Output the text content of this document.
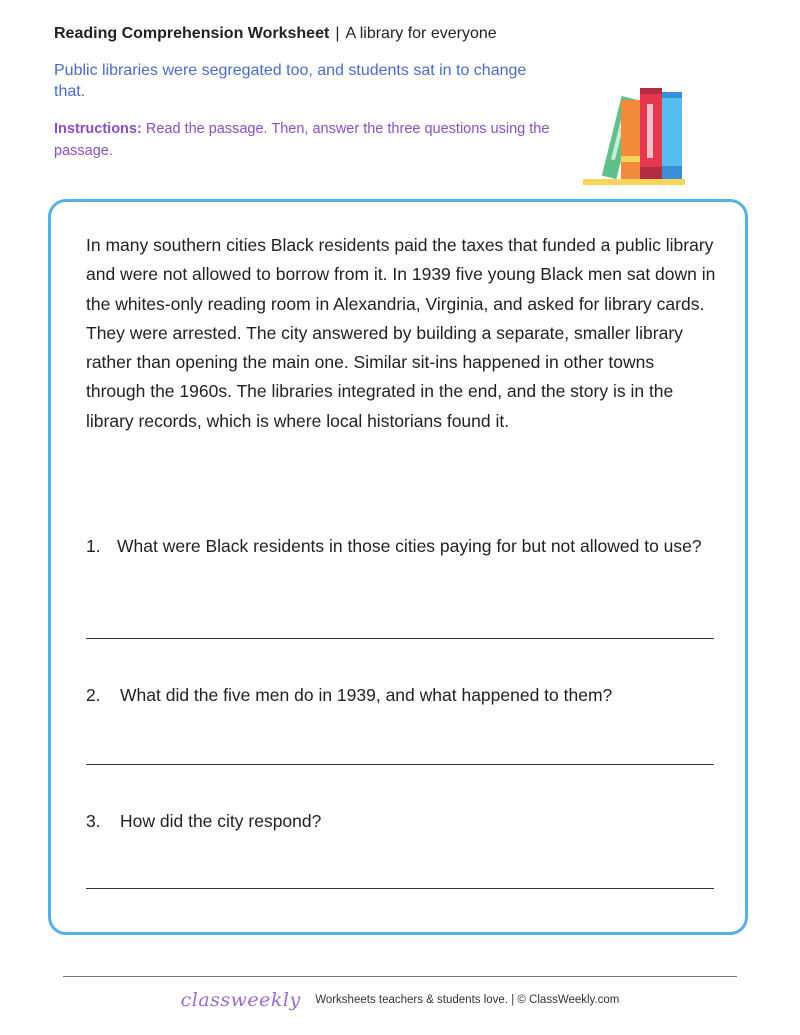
Reading Comprehension Worksheet | A library for everyone
Public libraries were segregated too, and students sat in to change that.
Instructions: Read the passage. Then, answer the three questions using the passage.
In many southern cities Black residents paid the taxes that funded a public library and were not allowed to borrow from it. In 1939 five young Black men sat down in the whites-only reading room in Alexandria, Virginia, and asked for library cards. They were arrested. The city answered by building a separate, smaller library rather than opening the main one. Similar sit-ins happened in other towns through the 1960s. The libraries integrated in the end, and the story is in the library records, which is where local historians found it.
1. What were Black residents in those cities paying for but not allowed to use?
2.	What did the five men do in 1939, and what happened to them?
3.	How did the city respond?
classweekly Worksheets teachers & students love. | © ClassWeekly.com
